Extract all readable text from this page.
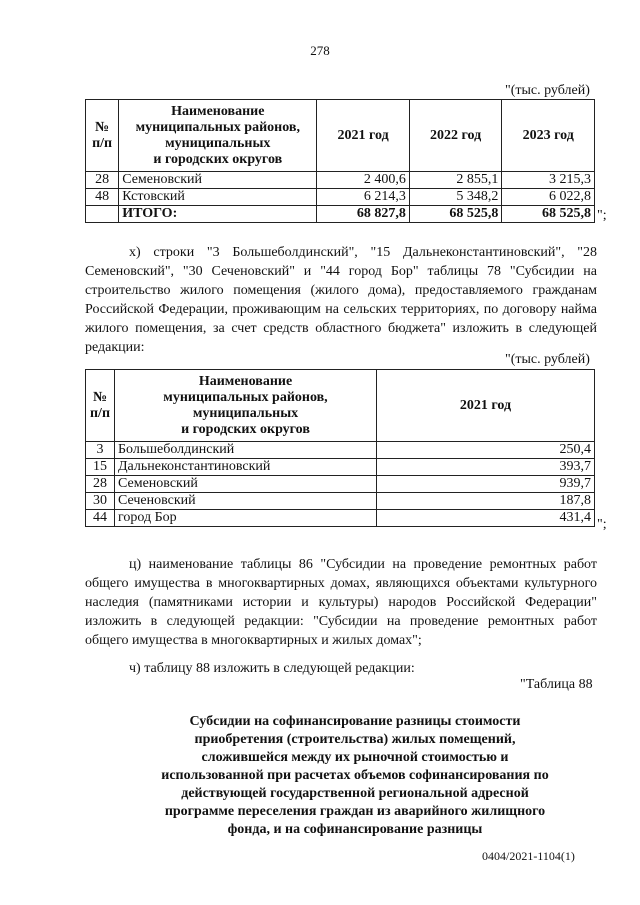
278
"(тыс. рублей)
№
п/п	Наименование
муниципальных районов,
муниципальных
и городских округов	2021 год	2022 год	2023 год
28	Семеновский	2 400,6	2 855,1	3 215,3
48	Кстовский	6 214,3	5 348,2	6 022,8
	ИТОГО:	68 827,8	68 525,8	68 525,8 ";
х) строки "3 Большеболдинский", "15 Дальнеконстантиновский", "28 Семеновский", "30 Сеченовский" и "44 город Бор" таблицы 78 "Субсидии на строительство жилого помещения (жилого дома), предоставляемого гражданам Российской Федерации, проживающим на сельских территориях, по договору найма жилого помещения, за счет средств областного бюджета" изложить в следующей редакции:
"(тыс. рублей)
№
п/п	Наименование
муниципальных районов,
муниципальных
и городских округов	2021 год
3	Большеболдинский	250,4
15	Дальнеконстантиновский	393,7
28	Семеновский	939,7
30	Сеченовский	187,8
44	город Бор	431,4 ";
ц) наименование таблицы 86 "Субсидии на проведение ремонтных работ общего имущества в многоквартирных домах, являющихся объектами культурного наследия (памятниками истории и культуры) народов Российской Федерации" изложить в следующей редакции: "Субсидии на проведение ремонтных работ общего имущества в многоквартирных и жилых домах";
ч) таблицу 88 изложить в следующей редакции:
"Таблица 88
Субсидии на софинансирование разницы стоимости приобретения (строительства) жилых помещений, сложившейся между их рыночной стоимостью и использованной при расчетах объемов софинансирования по действующей государственной региональной адресной программе переселения граждан из аварийного жилищного фонда, и на софинансирование разницы
0404/2021-1104(1)
